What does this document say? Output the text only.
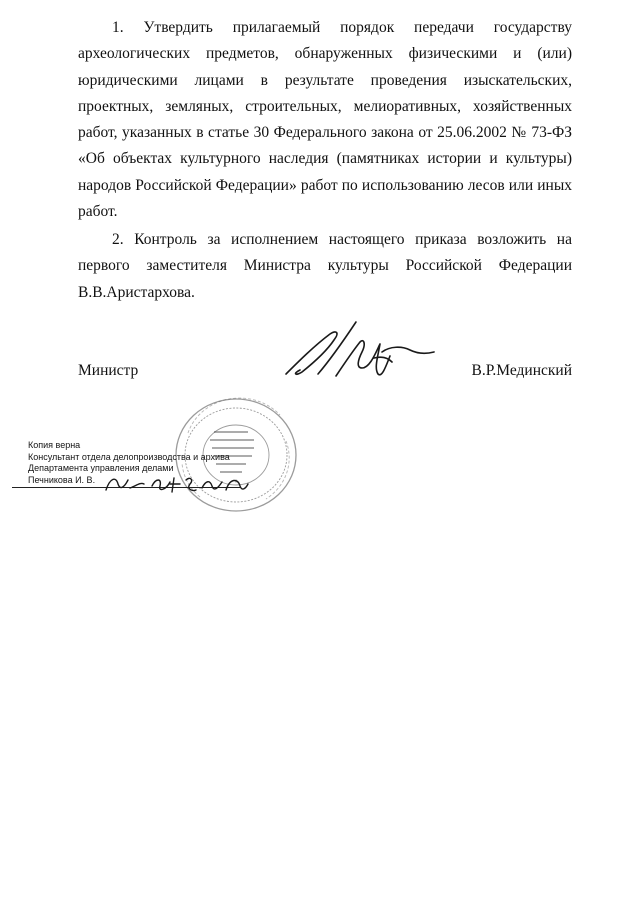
1. Утвердить прилагаемый порядок передачи государству археологических предметов, обнаруженных физическими и (или) юридическими лицами в результате проведения изыскательских, проектных, земляных, строительных, мелиоративных, хозяйственных работ, указанных в статье 30 Федерального закона от 25.06.2002 № 73-ФЗ «Об объектах культурного наследия (памятниках истории и культуры) народов Российской Федерации» работ по использованию лесов или иных работ.

2. Контроль за исполнением настоящего приказа возложить на первого заместителя Министра культуры Российской Федерации В.В.Аристархова.

Министр	В.Р.Мединский
Копия верна
Консультант отдела делопроизводства и архива
Департамента управления делами
Печникова И. В.
